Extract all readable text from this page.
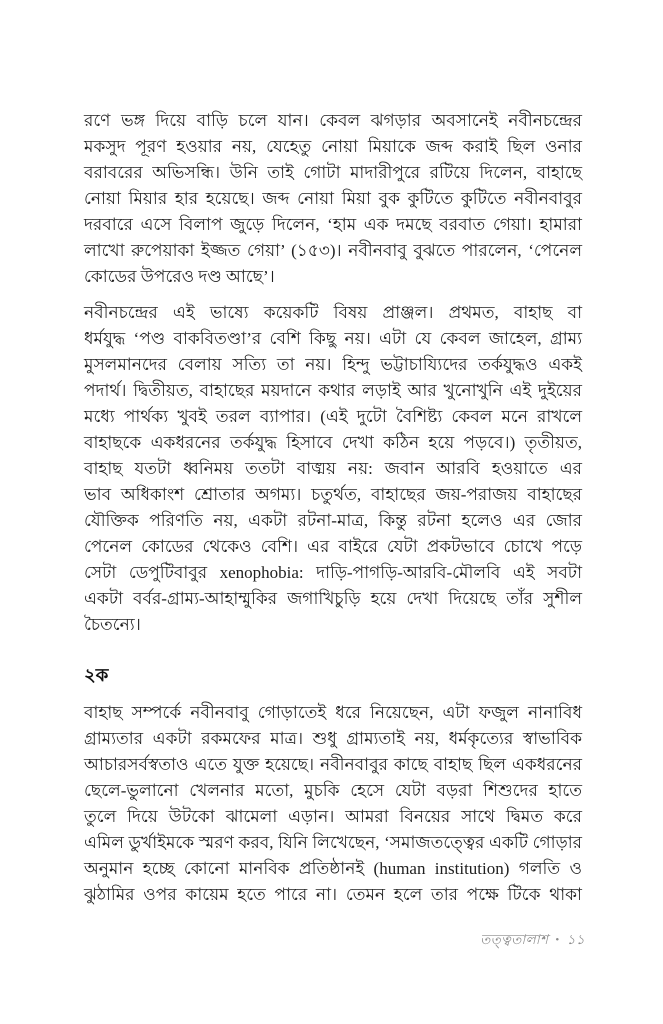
রণে ভঙ্গ দিয়ে বাড়ি চলে যান। কেবল ঝগড়ার অবসানেই নবীনচন্দ্রের
মকসুদ পূরণ হওয়ার নয়, যেহেতু নোয়া মিয়াকে জব্দ করাই ছিল ওনার
বরাবরের অভিসন্ধি। উনি তাই গোটা মাদারীপুরে রটিয়ে দিলেন, বাহাছে
নোয়া মিয়ার হার হয়েছে। জব্দ নোয়া মিয়া বুক কুটিতে কুটিতে নবীনবাবুর
দরবারে এসে বিলাপ জুড়ে দিলেন, ‘হাম এক দমছে বরবাত গেয়া। হামারা
লাখো রুপেয়াকা ইজ্জত গেয়া’ (১৫৩)। নবীনবাবু বুঝতে পারলেন, ‘পেনেল
কোডের উপরেও দণ্ড আছে’।
নবীনচন্দ্রের এই ভাষ্যে কয়েকটি বিষয় প্রাঞ্জল। প্রথমত, বাহাছ বা
ধর্মযুদ্ধ ‘পণ্ড বাকবিতণ্ডা’র বেশি কিছু নয়। এটা যে কেবল জাহেল, গ্রাম্য
মুসলমানদের বেলায় সত্যি তা নয়। হিন্দু ভট্টাচায্যিদের তর্কযুদ্ধও একই
পদার্থ। দ্বিতীয়ত, বাহাছের ময়দানে কথার লড়াই আর খুনোখুনি এই দুইয়ের
মধ্যে পার্থক্য খুবই তরল ব্যাপার। (এই দুটো বৈশিষ্ট্য কেবল মনে রাখলে
বাহাছকে একধরনের তর্কযুদ্ধ হিসাবে দেখা কঠিন হয়ে পড়বে।) তৃতীয়ত,
বাহাছ যতটা ধ্বনিময় ততটা বাঙ্ময় নয়: জবান আরবি হওয়াতে এর
ভাব অধিকাংশ শ্রোতার অগম্য। চতুর্থত, বাহাছের জয়-পরাজয় বাহাছের
যৌক্তিক পরিণতি নয়, একটা রটনা-মাত্র, কিন্তু রটনা হলেও এর জোর
পেনেল কোডের থেকেও বেশি। এর বাইরে যেটা প্রকটভাবে চোখে পড়ে
সেটা ডেপুটিবাবুর xenophobia: দাড়ি-পাগড়ি-আরবি-মৌলবি এই সবটা
একটা বর্বর-গ্রাম্য-আহাম্মুকির জগাখিচুড়ি হয়ে দেখা দিয়েছে তাঁর সুশীল
চৈতন্যে।
২ক
বাহাছ সম্পর্কে নবীনবাবু গোড়াতেই ধরে নিয়েছেন, এটা ফজুল নানাবিধ
গ্রাম্যতার একটা রকমফের মাত্র। শুধু গ্রাম্যতাই নয়, ধর্মকৃত্যের স্বাভাবিক
আচারসর্বস্বতাও এতে যুক্ত হয়েছে। নবীনবাবুর কাছে বাহাছ ছিল একধরনের
ছেলে-ভুলানো খেলনার মতো, মুচকি হেসে যেটা বড়রা শিশুদের হাতে
তুলে দিয়ে উটকো ঝামেলা এড়ান। আমরা বিনয়ের সাথে দ্বিমত করে
এমিল ডুর্খাইমকে স্মরণ করব, যিনি লিখেছেন, ‘সমাজতত্ত্বের একটি গোড়ার
অনুমান হচ্ছে কোনো মানবিক প্রতিষ্ঠানই (human institution) গলতি ও
ঝুঠামির ওপর কায়েম হতে পারে না। তেমন হলে তার পক্ষে টিকে থাকা
তত্ত্বতালাশ • ১১
